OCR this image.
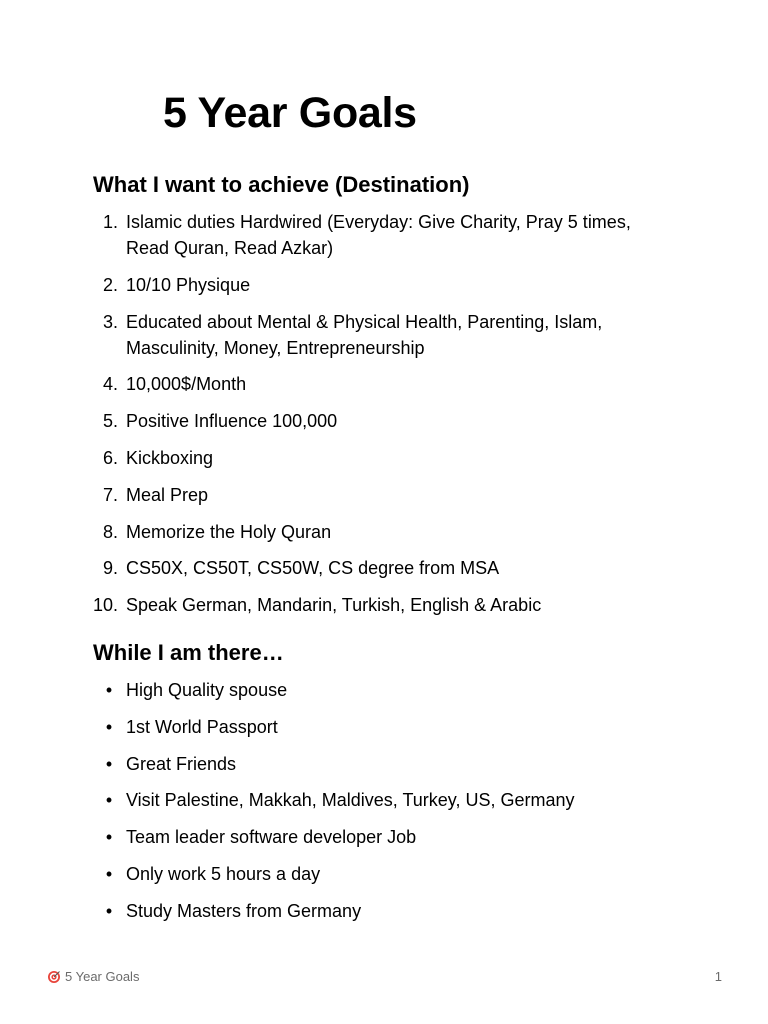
5 Year Goals
What I want to achieve (Destination)
1. Islamic duties Hardwired (Everyday: Give Charity, Pray 5 times, Read Quran, Read Azkar)
2. 10/10 Physique
3. Educated about Mental & Physical Health, Parenting, Islam, Masculinity, Money, Entrepreneurship
4. 10,000$/Month
5. Positive Influence 100,000
6. Kickboxing
7. Meal Prep
8. Memorize the Holy Quran
9. CS50X, CS50T, CS50W, CS degree from MSA
10. Speak German, Mandarin, Turkish, English & Arabic
While I am there…
• High Quality spouse
• 1st World Passport
• Great Friends
• Visit Palestine, Makkah, Maldives, Turkey, US, Germany
• Team leader software developer Job
• Only work 5 hours a day
• Study Masters from Germany
5 Year Goals	1
